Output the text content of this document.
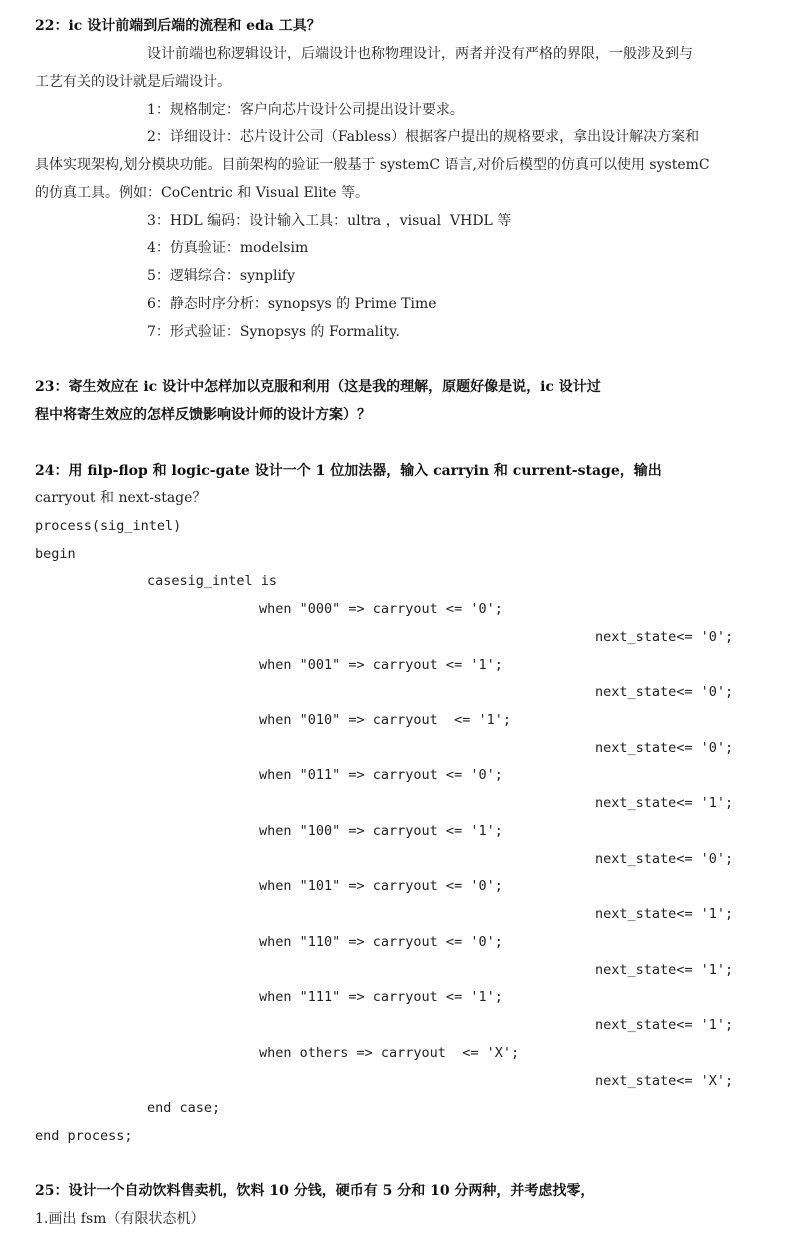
22：ic 设计前端到后端的流程和 eda 工具？
设计前端也称逻辑设计，后端设计也称物理设计，两者并没有严格的界限，一般涉及到与
工艺有关的设计就是后端设计。
1：规格制定：客户向芯片设计公司提出设计要求。
2：详细设计：芯片设计公司（Fabless）根据客户提出的规格要求，拿出设计解决方案和
具体实现架构,划分模块功能。目前架构的验证一般基于 systemC 语言,对价后模型的仿真可以使用 systemC
的仿真工具。例如：CoCentric 和 Visual Elite 等。
3：HDL 编码：设计输入工具：ultra ，visual  VHDL 等
4：仿真验证：modelsim
5：逻辑综合：synplify
6：静态时序分析：synopsys 的 Prime Time
7：形式验证：Synopsys 的 Formality.
23：寄生效应在 ic 设计中怎样加以克服和利用（这是我的理解，原题好像是说，ic 设计过
程中将寄生效应的怎样反馈影响设计师的设计方案）？
24：用 filp-flop 和 logic-gate 设计一个 1 位加法器，输入 carryin 和 current-stage，输出
carryout 和 next-stage？
process(sig_intel)
begin
casesig_intel is
when "000" => carryout <= '0';
next_state<= '0';
when "001" => carryout <= '1';
next_state<= '0';
when "010" => carryout  <= '1';
next_state<= '0';
when "011" => carryout <= '0';
next_state<= '1';
when "100" => carryout <= '1';
next_state<= '0';
when "101" => carryout <= '0';
next_state<= '1';
when "110" => carryout <= '0';
next_state<= '1';
when "111" => carryout <= '1';
next_state<= '1';
when others => carryout  <= 'X';
next_state<= 'X';
end case;
end process;
25：设计一个自动饮料售卖机，饮料 10 分钱，硬币有 5 分和 10 分两种，并考虑找零，
1.画出 fsm（有限状态机）
